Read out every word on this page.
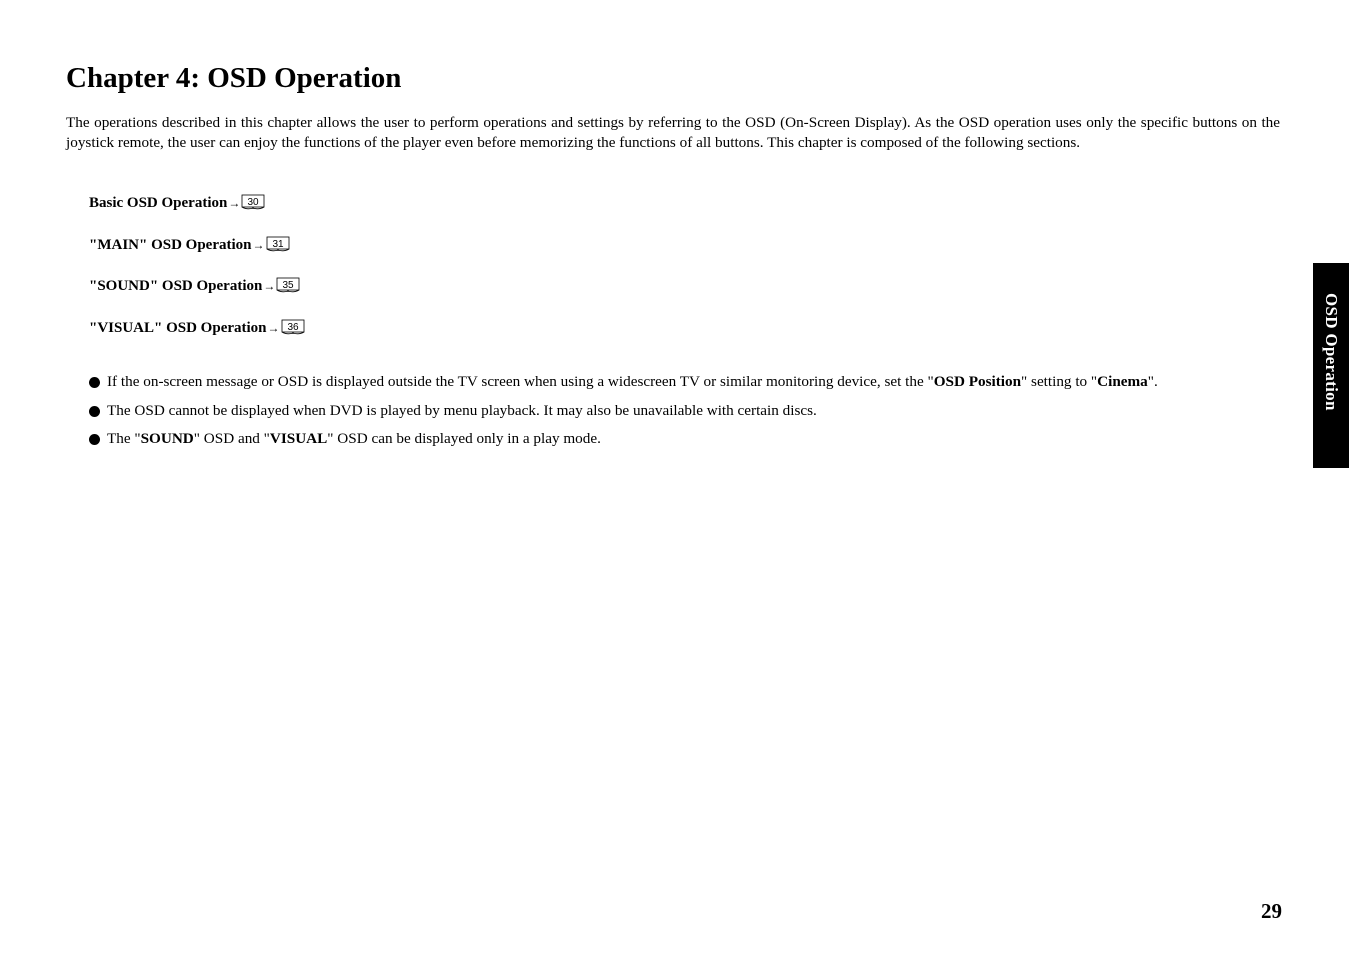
Chapter 4: OSD Operation

The operations described in this chapter allows the user to perform operations and settings by referring to the OSD (On-Screen Display). As the OSD operation uses only the specific buttons on the joystick remote, the user can enjoy the functions of the player even before memorizing the functions of all buttons. This chapter is composed of the following sections.

Basic OSD Operation → 30
"MAIN" OSD Operation → 31
"SOUND" OSD Operation → 35
"VISUAL" OSD Operation → 36
If the on-screen message or OSD is displayed outside the TV screen when using a widescreen TV or similar monitoring device, set the "OSD Position" setting to "Cinema".
The OSD cannot be displayed when DVD is played by menu playback. It may also be unavailable with certain discs.
The "SOUND" OSD and "VISUAL" OSD can be displayed only in a play mode.
OSD Operation
29
